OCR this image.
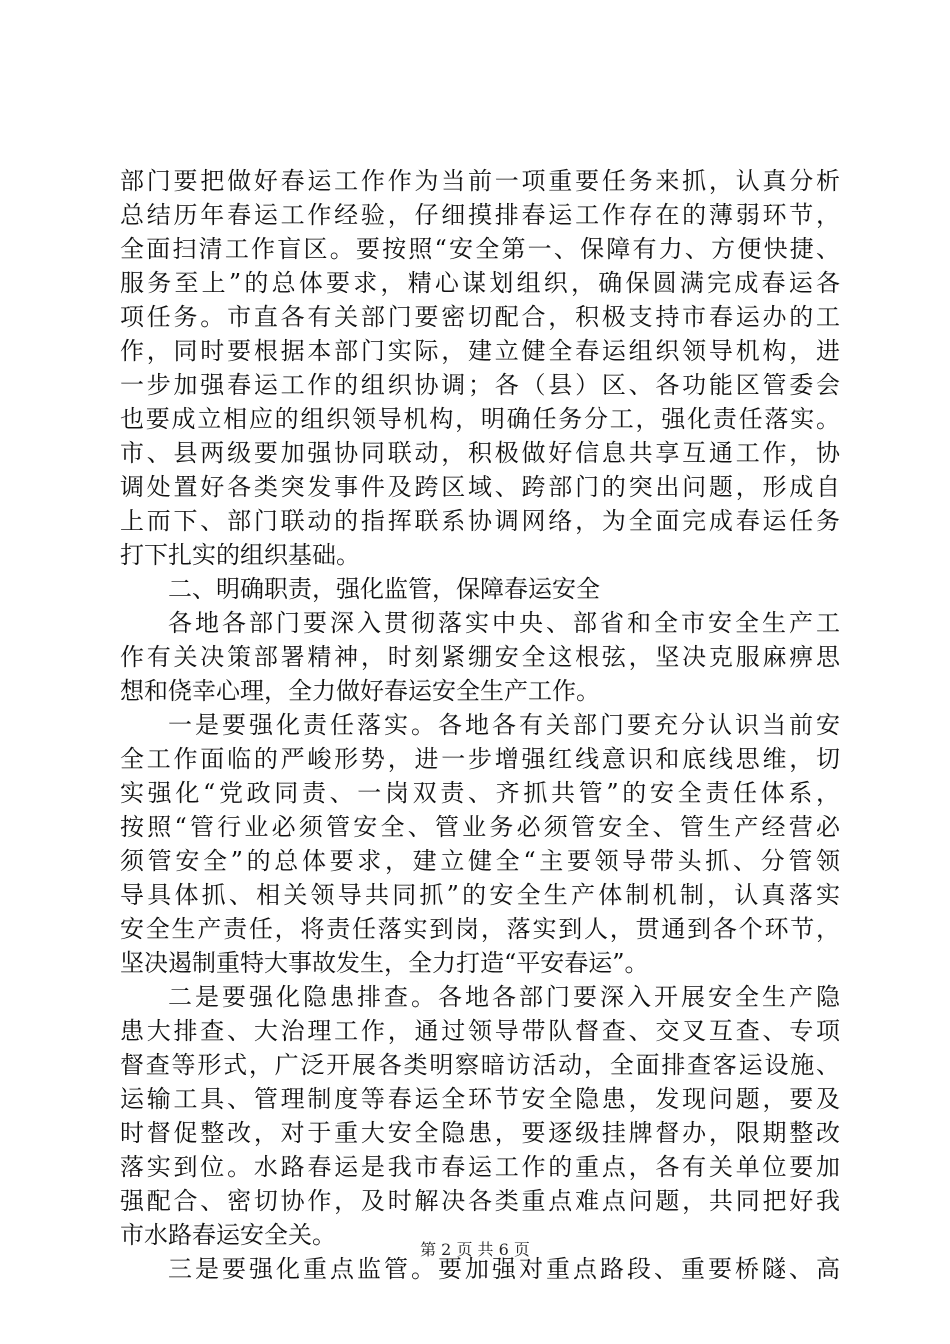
部门要把做好春运工作作为当前一项重要任务来抓，认真分析
总结历年春运工作经验，仔细摸排春运工作存在的薄弱环节，
全面扫清工作盲区。要按照“安全第一、保障有力、方便快捷、
服务至上”的总体要求，精心谋划组织，确保圆满完成春运各
项任务。市直各有关部门要密切配合，积极支持市春运办的工
作，同时要根据本部门实际，建立健全春运组织领导机构，进
一步加强春运工作的组织协调；各（县）区、各功能区管委会
也要成立相应的组织领导机构，明确任务分工，强化责任落实。
市、县两级要加强协同联动，积极做好信息共享互通工作，协
调处置好各类突发事件及跨区域、跨部门的突出问题，形成自
上而下、部门联动的指挥联系协调网络，为全面完成春运任务
打下扎实的组织基础。
二、明确职责，强化监管，保障春运安全
各地各部门要深入贯彻落实中央、部省和全市安全生产工
作有关决策部署精神，时刻紧绷安全这根弦，坚决克服麻痹思
想和侥幸心理，全力做好春运安全生产工作。
一是要强化责任落实。各地各有关部门要充分认识当前安
全工作面临的严峻形势，进一步增强红线意识和底线思维，切
实强化“党政同责、一岗双责、齐抓共管”的安全责任体系，
按照“管行业必须管安全、管业务必须管安全、管生产经营必
须管安全”的总体要求，建立健全“主要领导带头抓、分管领
导具体抓、相关领导共同抓”的安全生产体制机制，认真落实
安全生产责任，将责任落实到岗，落实到人，贯通到各个环节，
坚决遏制重特大事故发生，全力打造“平安春运”。
二是要强化隐患排查。各地各部门要深入开展安全生产隐
患大排查、大治理工作，通过领导带队督查、交叉互查、专项
督查等形式，广泛开展各类明察暗访活动，全面排查客运设施、
运输工具、管理制度等春运全环节安全隐患，发现问题，要及
时督促整改，对于重大安全隐患，要逐级挂牌督办，限期整改
落实到位。水路春运是我市春运工作的重点，各有关单位要加
强配合、密切协作，及时解决各类重点难点问题，共同把好我
市水路春运安全关。
三是要强化重点监管。要加强对重点路段、重要桥隧、高
第 2 页 共 6 页
